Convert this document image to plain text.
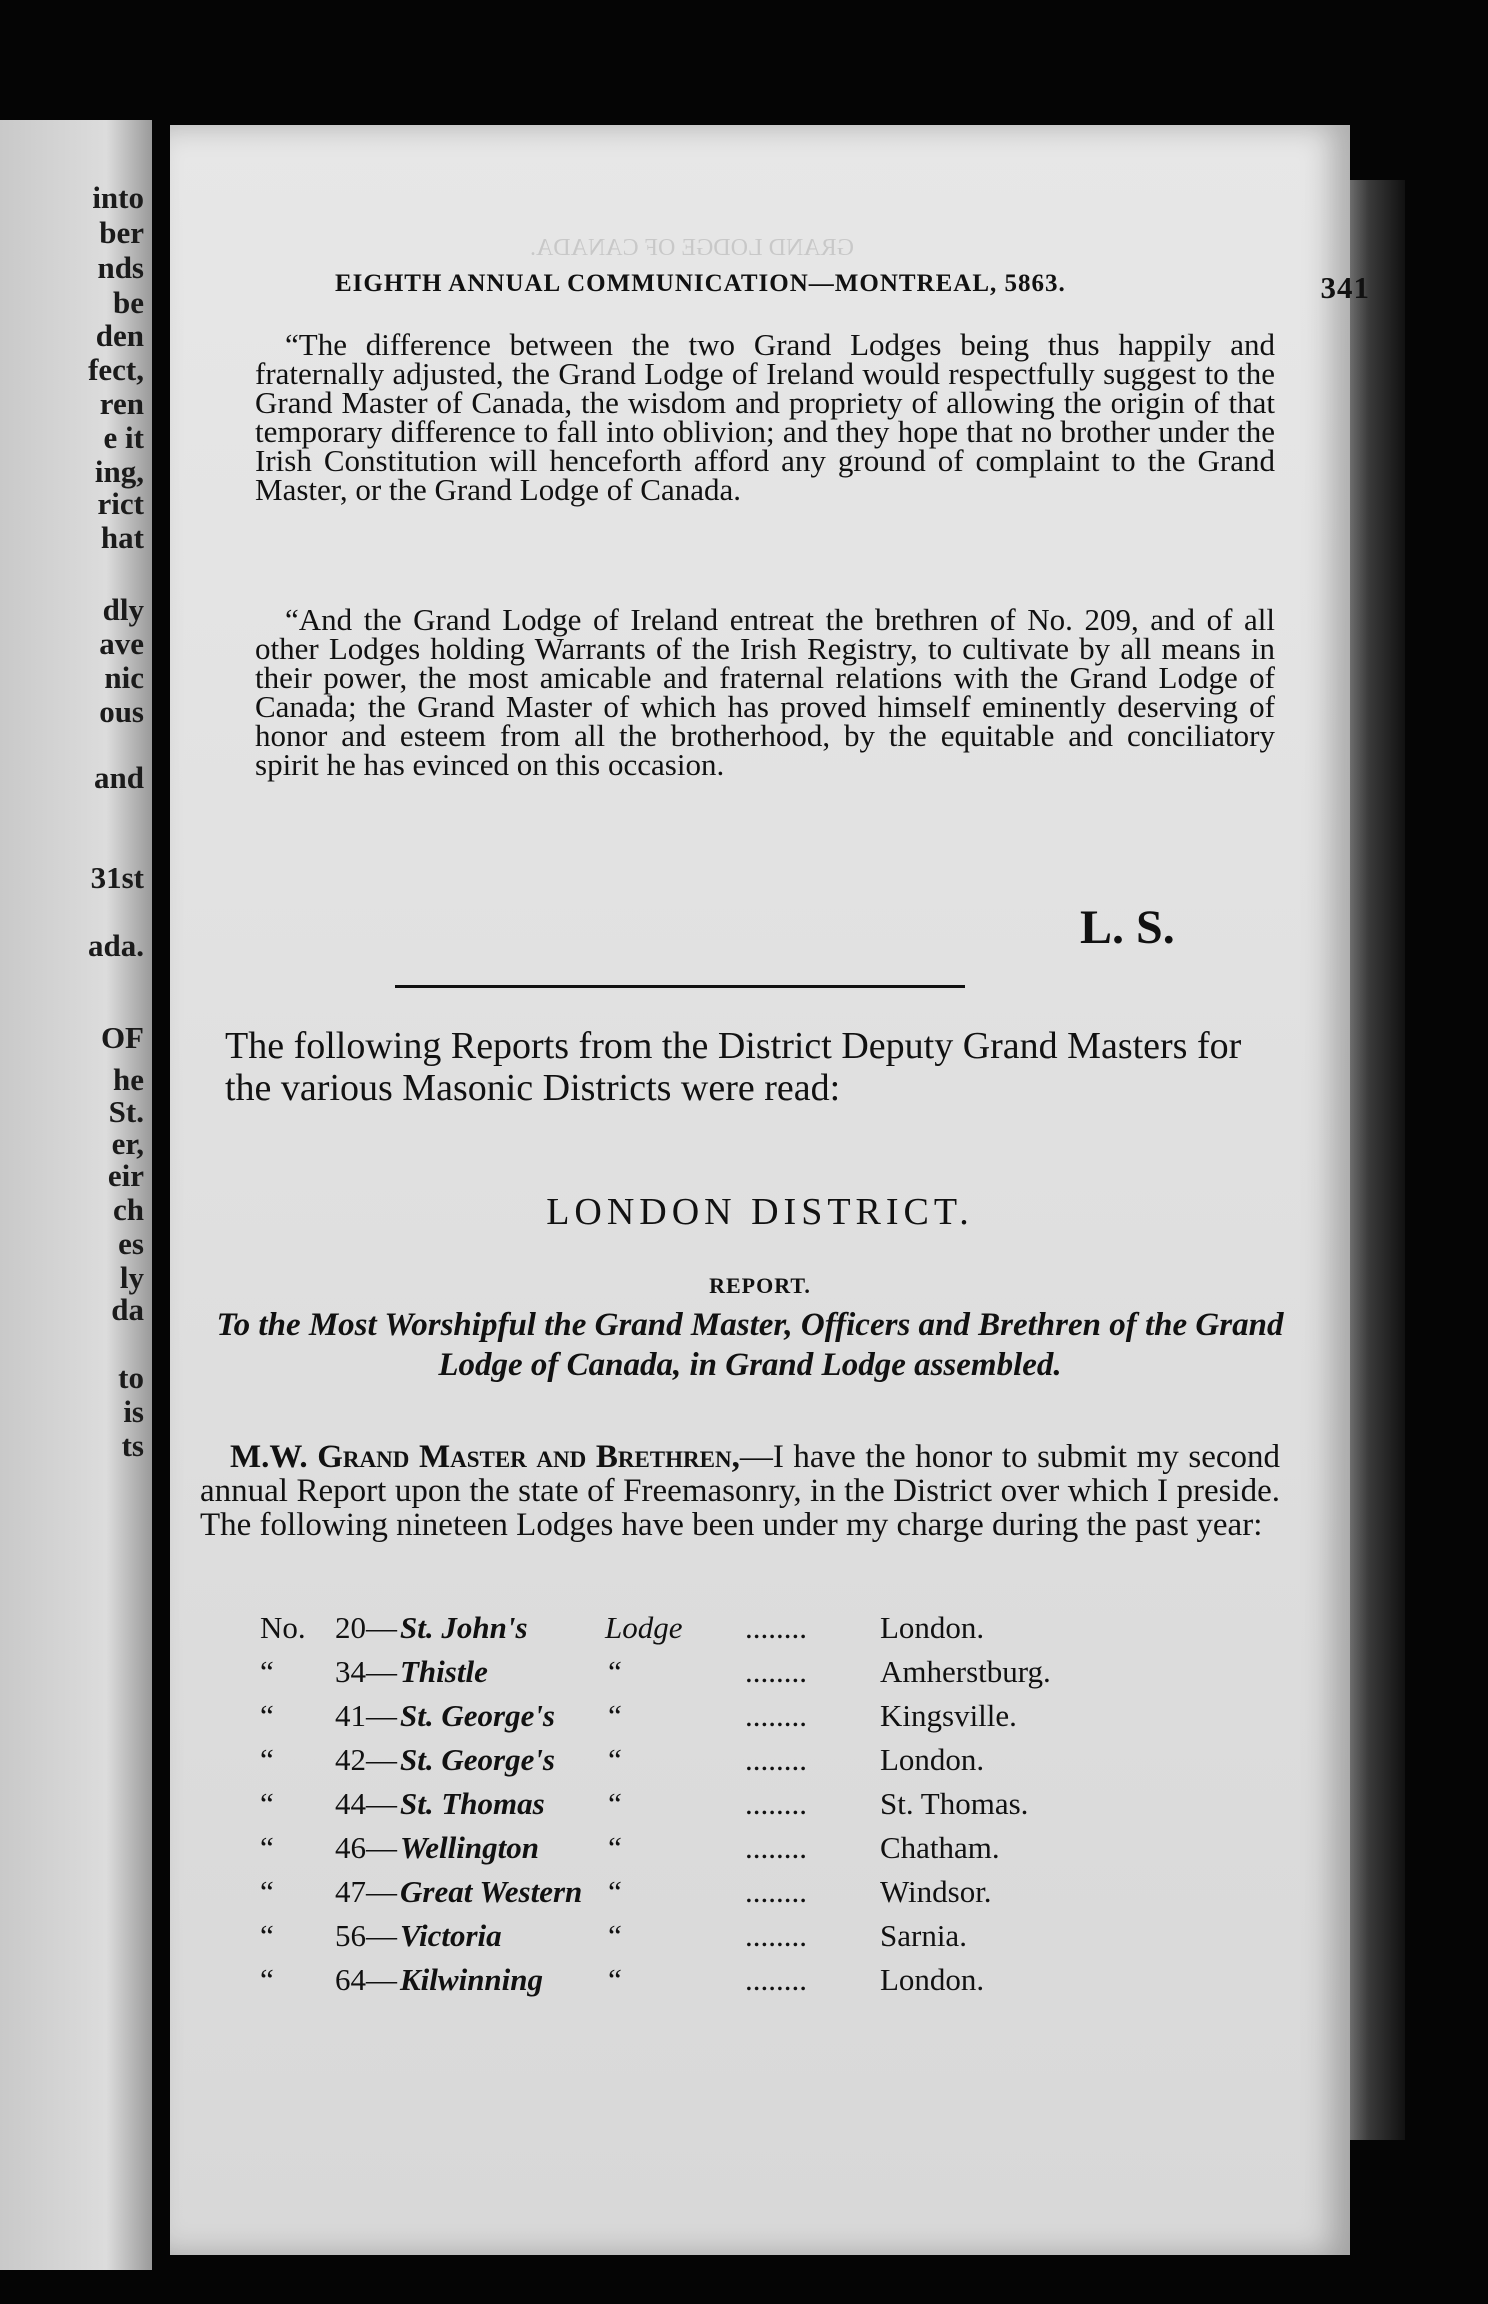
into
ber
nds
be
den
fect,
ren
e it
ing,
rict
hat
dly
ave
nic
ous
and
31st
ada.
OF
he
St.
er,
eir
ch
es
ly
da
to
is
ts
GRAND LODGE OF CANADA.
EIGHTH ANNUAL COMMUNICATION—MONTREAL, 5863.	341
“The difference between the two Grand Lodges being thus happily and fraternally adjusted, the Grand Lodge of Ireland would respectfully suggest to the Grand Master of Canada, the wisdom and propriety of allowing the origin of that temporary difference to fall into oblivion; and they hope that no brother under the Irish Constitution will henceforth afford any ground of complaint to the Grand Master, or the Grand Lodge of Canada.
“And the Grand Lodge of Ireland entreat the brethren of No. 209, and of all other Lodges holding Warrants of the Irish Registry, to cultivate by all means in their power, the most amicable and fraternal relations with the Grand Lodge of Canada; the Grand Master of which has proved himself eminently deserving of honor and esteem from all the brotherhood, by the equitable and conciliatory spirit he has evinced on this occasion.
L. S.
The following Reports from the District Deputy Grand Masters for the various Masonic Districts were read:
LONDON DISTRICT.
REPORT.
To the Most Worshipful the Grand Master, Officers and Brethren of the Grand Lodge of Canada, in Grand Lodge assembled.
M.W. Grand Master and Brethren,—I have the honor to submit my second annual Report upon the state of Freemasonry, in the District over which I preside. The following nineteen Lodges have been under my charge during the past year:
No. 20— St. John's Lodge ........ London.
“ 34— Thistle	“	........ Amherstburg.
“ 41— St. George's “	........ Kingsville.
“ 42— St. George's “	........ London.
“ 44— St. Thomas “	........ St. Thomas.
“ 46— Wellington “	........ Chatham.
“ 47— Great Western “	........ Windsor.
“ 56— Victoria	“	........ Sarnia.
“ 64— Kilwinning “	........ London.
